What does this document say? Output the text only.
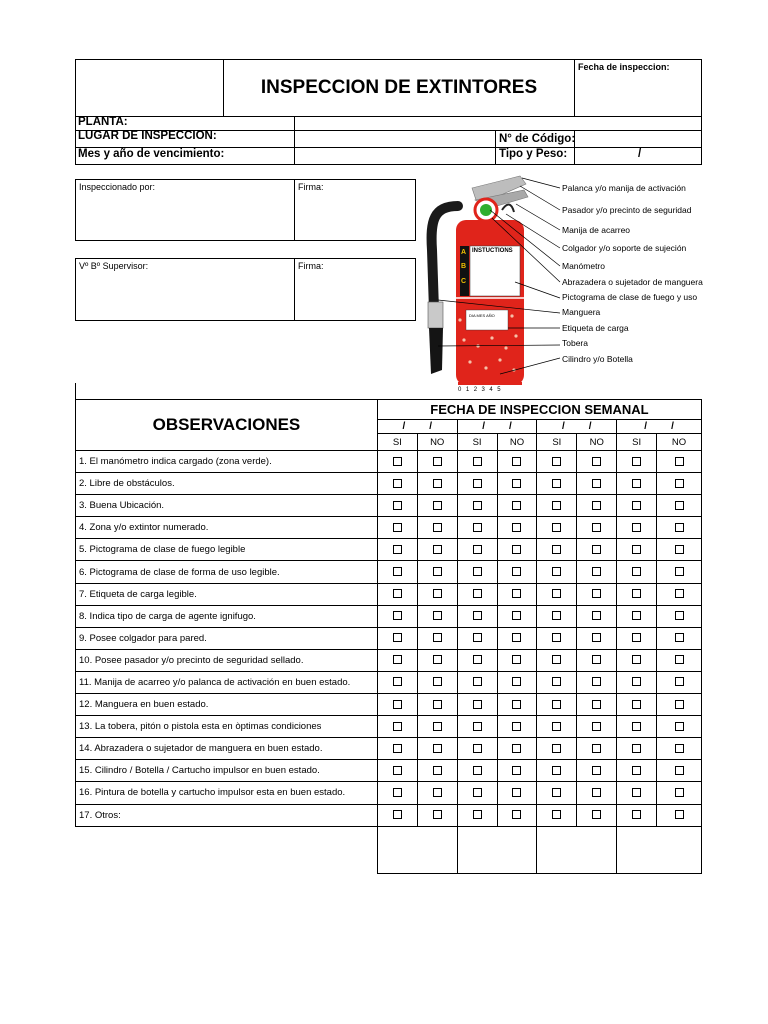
INSPECCION DE EXTINTORES
Fecha de inspeccion:
PLANTA:
LUGAR DE INSPECCION:
Mes y año de vencimiento:
N° de Código:
Tipo y Peso:	/
Inspeccionado por:	Firma:
Vº Bº Supervisor:	Firma:
INSTUCTIONS
A
B
C
DIA MES AÑO
0 1 2 3 4 5
Palanca y/o manija de activación
Pasador y/o precinto de seguridad
Manija de acarreo
Colgador y/o soporte de sujeción
Manómetro
Abrazadera o sujetador de manguera
Pictograma de clase de fuego y uso
Manguera
Etiqueta de carga
Tobera
Cilindro y/o Botella
OBSERVACIONES	FECHA DE INSPECCION SEMANAL							
	/ /		/ /		/ /		/ /	
	SI	NO	SI	NO	SI	NO	SI	NO
1. El manómetro indica cargado (zona verde).								
2. Libre de obstáculos.								
3. Buena Ubicación.								
4. Zona y/o extintor numerado.								
5. Pictograma de clase de fuego legible								
6. Pictograma de clase de forma de uso legible.								
7. Etiqueta de carga legible.								
8. Indica tipo de carga de agente ignifugo.								
9. Posee colgador para pared.								
10. Posee pasador y/o precinto de seguridad sellado.								
11. Manija de acarreo y/o palanca de activación en buen estado.								
12. Manguera en buen estado.								
13. La tobera, pitón o pistola esta en òptimas condiciones								
14. Abrazadera o sujetador de manguera en buen estado.								
15. Cilindro / Botella / Cartucho impulsor en buen estado.								
16. Pintura de botella y cartucho impulsor esta en buen estado.								
17. Otros:								
